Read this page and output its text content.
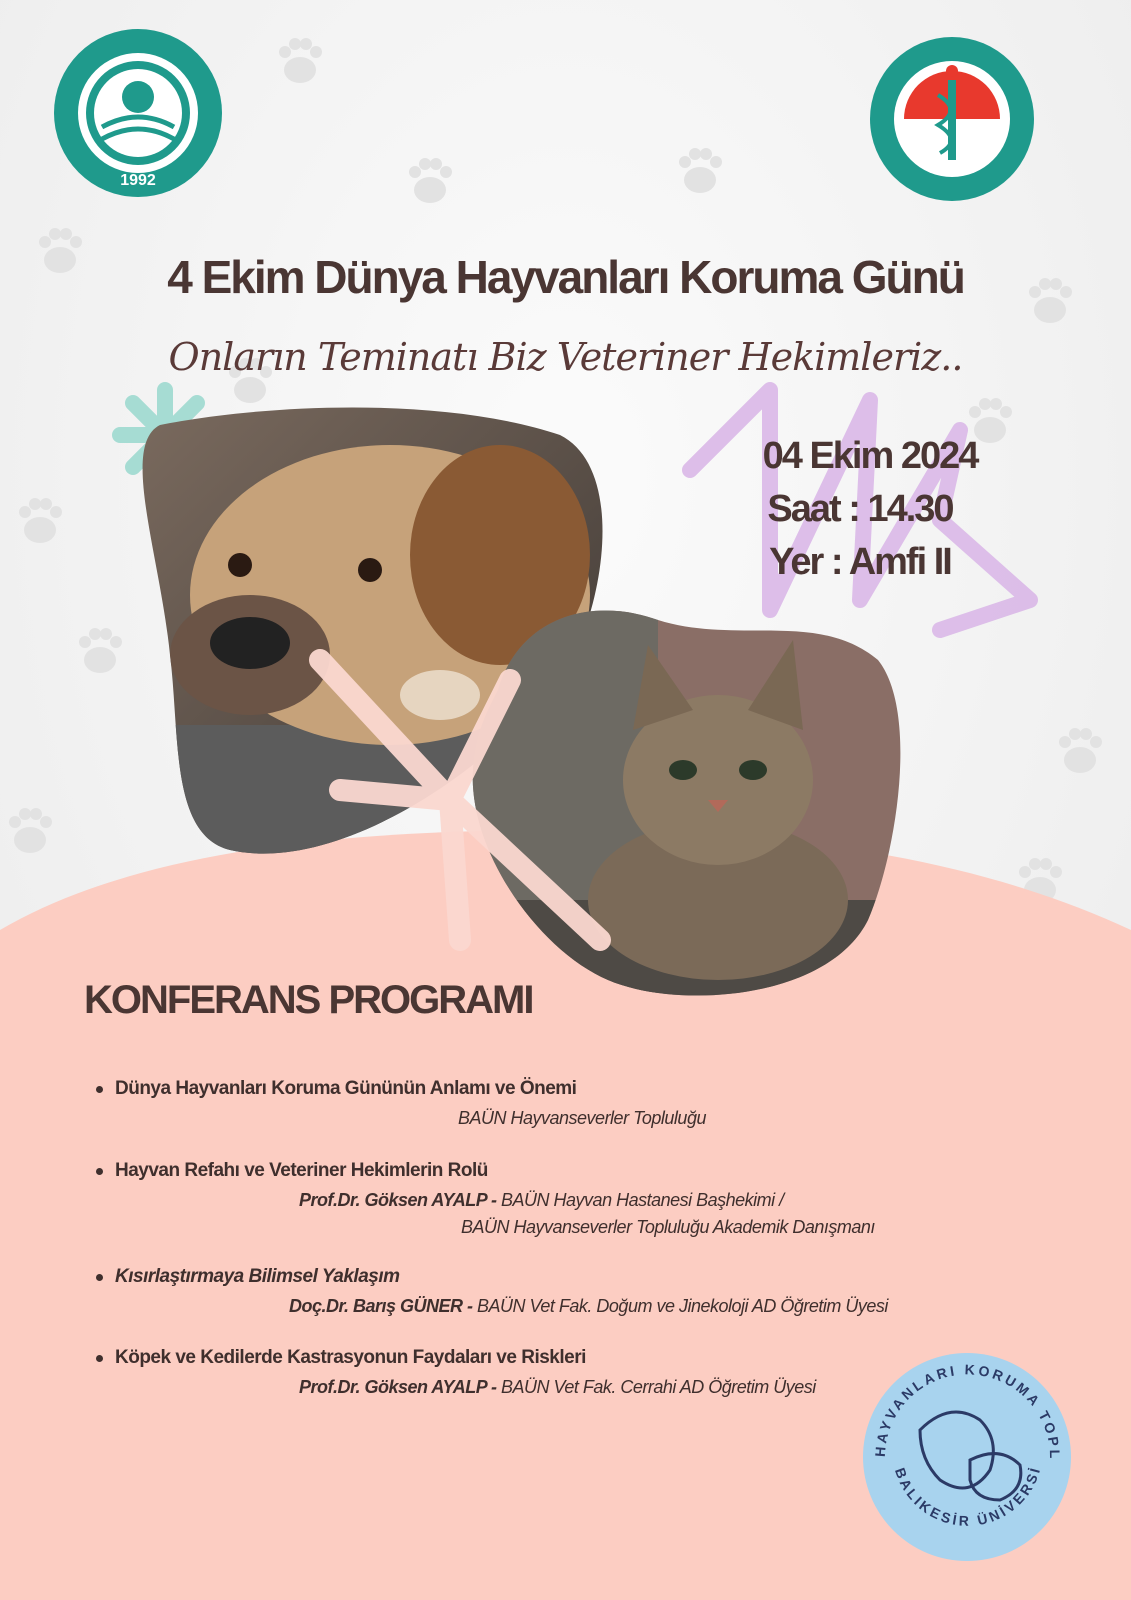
1992
4 Ekim Dünya Hayvanları Koruma Günü
Onların Teminatı Biz Veteriner Hekimleriz..
04 Ekim 2024
Saat : 14.30
Yer : Amfi II
KONFERANS PROGRAMI
Dünya Hayvanları Koruma Gününün Anlamı ve Önemi
BAÜN Hayvanseverler Topluluğu
Hayvan Refahı ve Veteriner Hekimlerin Rolü
Prof.Dr. Göksen AYALP - BAÜN Hayvan Hastanesi Başhekimi /
BAÜN Hayvanseverler Topluluğu Akademik Danışmanı
Kısırlaştırmaya Bilimsel Yaklaşım
Doç.Dr. Barış GÜNER - BAÜN Vet Fak. Doğum ve Jinekoloji AD Öğretim Üyesi
Köpek ve Kedilerde Kastrasyonun Faydaları ve Riskleri
Prof.Dr. Göksen AYALP - BAÜN Vet Fak. Cerrahi AD Öğretim Üyesi
HAYVANLARI KORUMA TOPL
BALIKESİR ÜNİVERSİ
